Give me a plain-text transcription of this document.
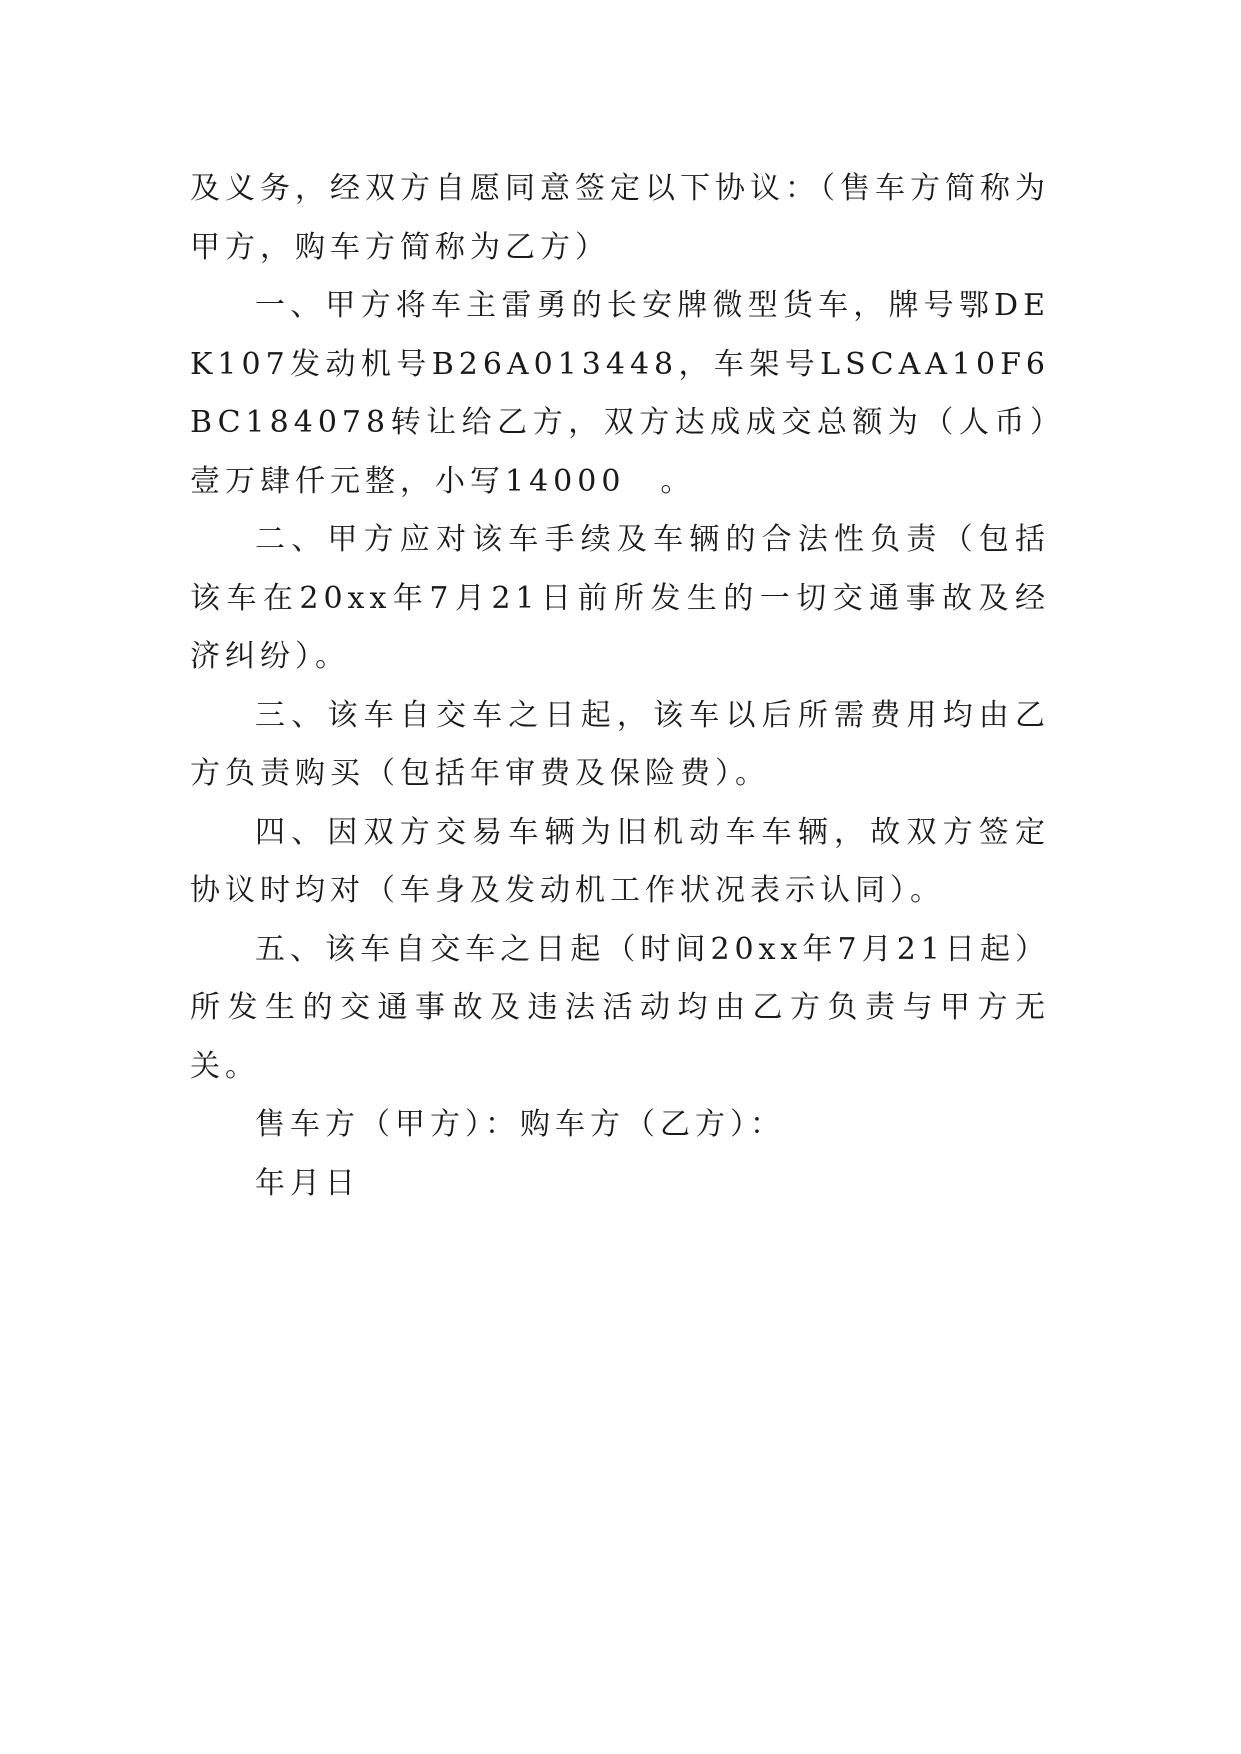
及义务，经双方自愿同意签定以下协议：（售车方简称为甲方，购车方简称为乙方）

一、甲方将车主雷勇的长安牌微型货车，牌号鄂DEK107发动机号B26A013448，车架号LSCAA10F6BC184078转让给乙方，双方达成成交总额为（人币）壹万肆仟元整，小写14000　。

二、甲方应对该车手续及车辆的合法性负责（包括该车在20xx年7月21日前所发生的一切交通事故及经济纠纷）。

三、该车自交车之日起，该车以后所需费用均由乙方负责购买（包括年审费及保险费）。

四、因双方交易车辆为旧机动车车辆，故双方签定协议时均对（车身及发动机工作状况表示认同）。

五、该车自交车之日起（时间20xx年7月21日起）所发生的交通事故及违法活动均由乙方负责与甲方无关。

售车方（甲方）：购车方（乙方）：

年月日
